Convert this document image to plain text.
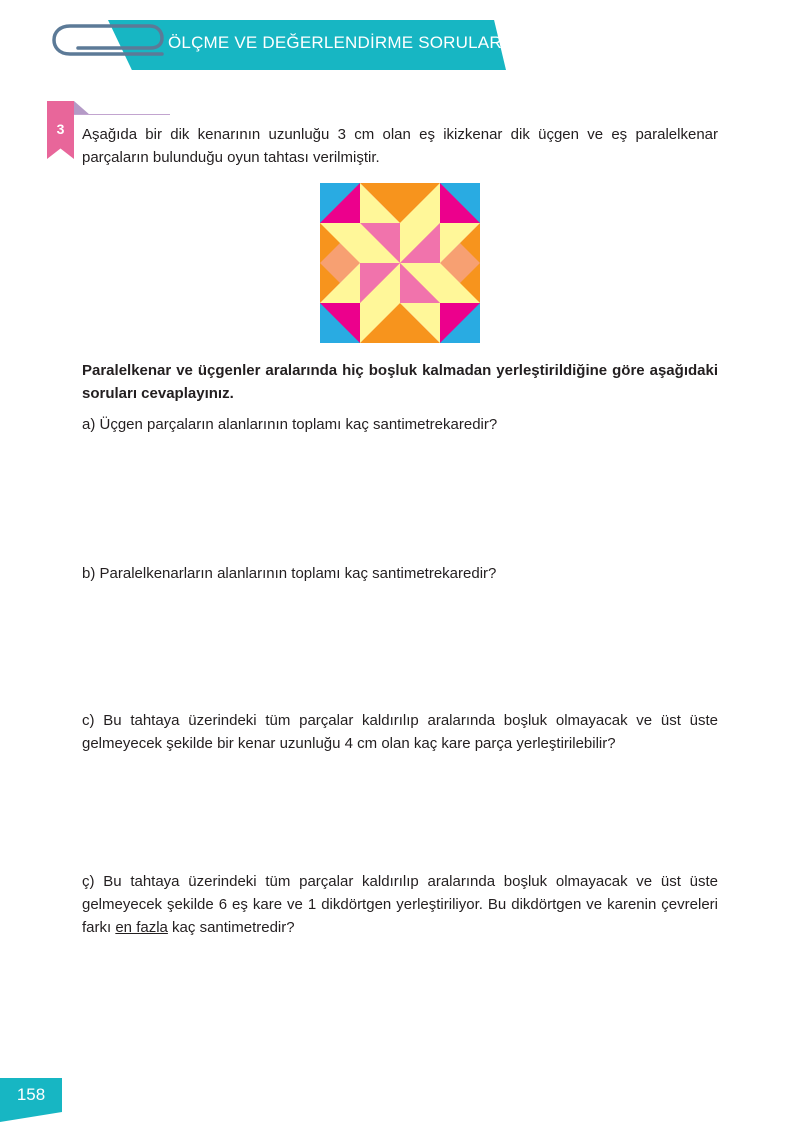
ÖLÇME VE DEĞERLENDİRME SORULARI
3	Aşağıda bir dik kenarının uzunluğu 3 cm olan eş ikizkenar dik üçgen ve eş paralelkenar parçaların bulunduğu oyun tahtası verilmiştir.
Paralelkenar ve üçgenler aralarında hiç boşluk kalmadan yerleştirildiğine göre aşağıdaki soruları cevaplayınız.
a) Üçgen parçaların alanlarının toplamı kaç santimetrekaredir?
b) Paralelkenarların alanlarının toplamı kaç santimetrekaredir?
c) Bu tahtaya üzerindeki tüm parçalar kaldırılıp aralarında boşluk olmayacak ve üst üste gelmeyecek şekilde bir kenar uzunluğu 4 cm olan kaç kare parça yerleştirilebilir?
ç) Bu tahtaya üzerindeki tüm parçalar kaldırılıp aralarında boşluk olmayacak ve üst üste gelmeyecek şekilde 6 eş kare ve 1 dikdörtgen yerleştiriliyor. Bu dikdörtgen ve karenin çevreleri farkı en fazla kaç santimetredir?
158
